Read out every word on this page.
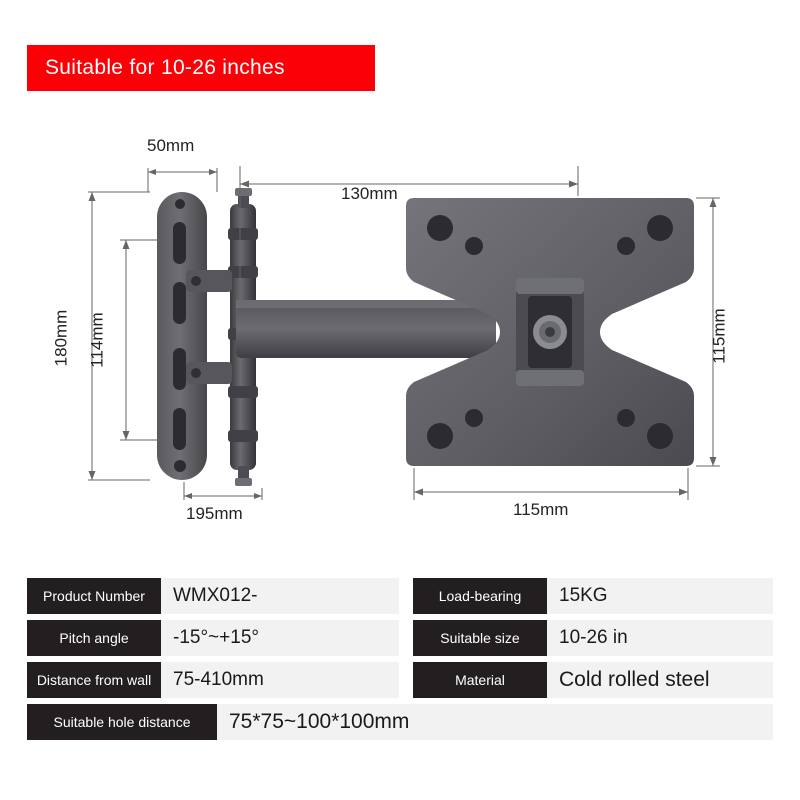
Suitable for 10-26 inches
50mm
130mm
180mm 114mm	115mm
195mm	115mm
Product Number	WMX012-	Load-bearing	15KG
Pitch angle	-15°~+15°	Suitable size	10-26 in
Distance from wall	75-410mm	Material	Cold rolled steel
Suitable hole distance	75*75~100*100mm
